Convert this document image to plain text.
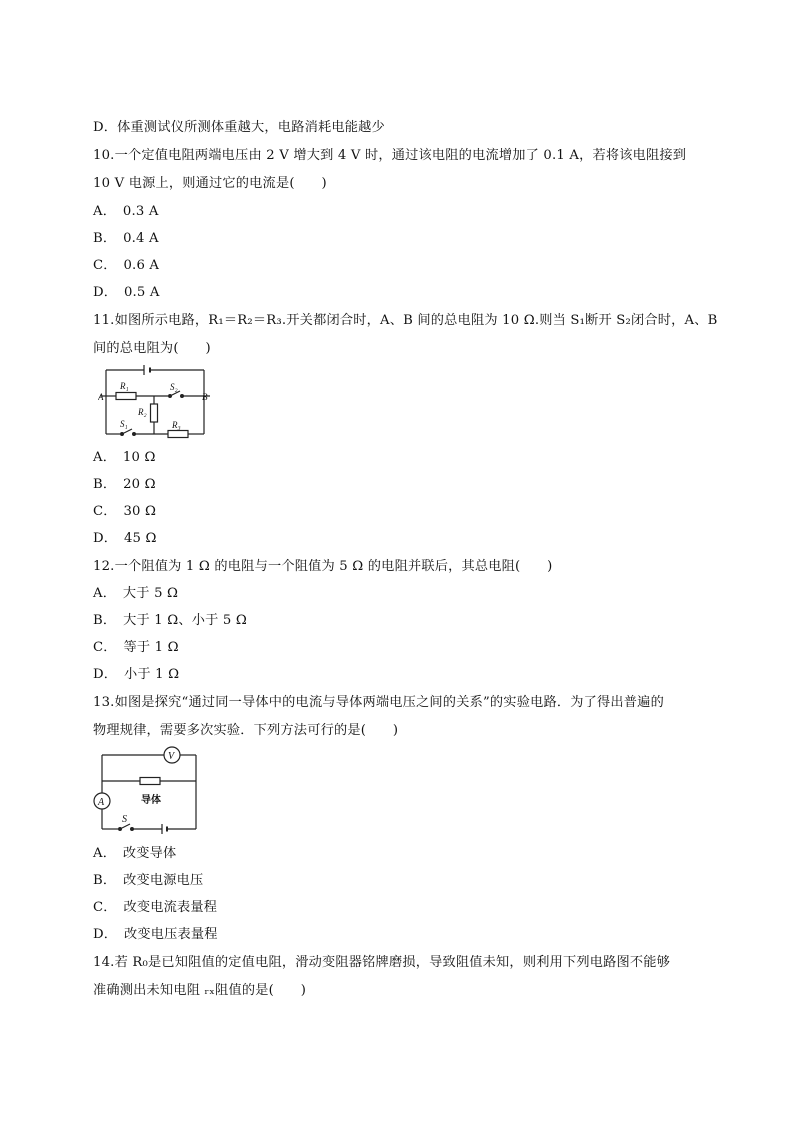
D．体重测试仪所测体重越大，电路消耗电能越少
10.一个定值电阻两端电压由 2 V 增大到 4 V 时，通过该电阻的电流增加了 0.1 A，若将该电阻接到
10 V 电源上，则通过它的电流是(　　)
A．　0.3 A
B．　0.4 A
C．　0.6 A
D．　0.5 A
11.如图所示电路，R₁＝R₂＝R₃.开关都闭合时，A、B 间的总电阻为 10 Ω.则当 S₁断开 S₂闭合时，A、B
间的总电阻为(　　)
A	B
R₁	S₂
R₂
S₁	R₃
A．　10 Ω
B．　20 Ω
C．　30 Ω
D．　45 Ω
12.一个阻值为 1 Ω 的电阻与一个阻值为 5 Ω 的电阻并联后，其总电阻(　　)
A．　大于 5 Ω
B．　大于 1 Ω、小于 5 Ω
C．　等于 1 Ω
D．　小于 1 Ω
13.如图是探究“通过同一导体中的电流与导体两端电压之间的关系”的实验电路．为了得出普遍的
物理规律，需要多次实验．下列方法可行的是(　　)
V
A
S
导体
A．　改变导体
B．　改变电源电压
C．　改变电流表量程
D．　改变电压表量程
14.若 R₀是已知阻值的定值电阻，滑动变阻器铭牌磨损，导致阻值未知，则利用下列电路图不能够
准确测出未知电阻 ᵣₓ阻值的是(　　)
